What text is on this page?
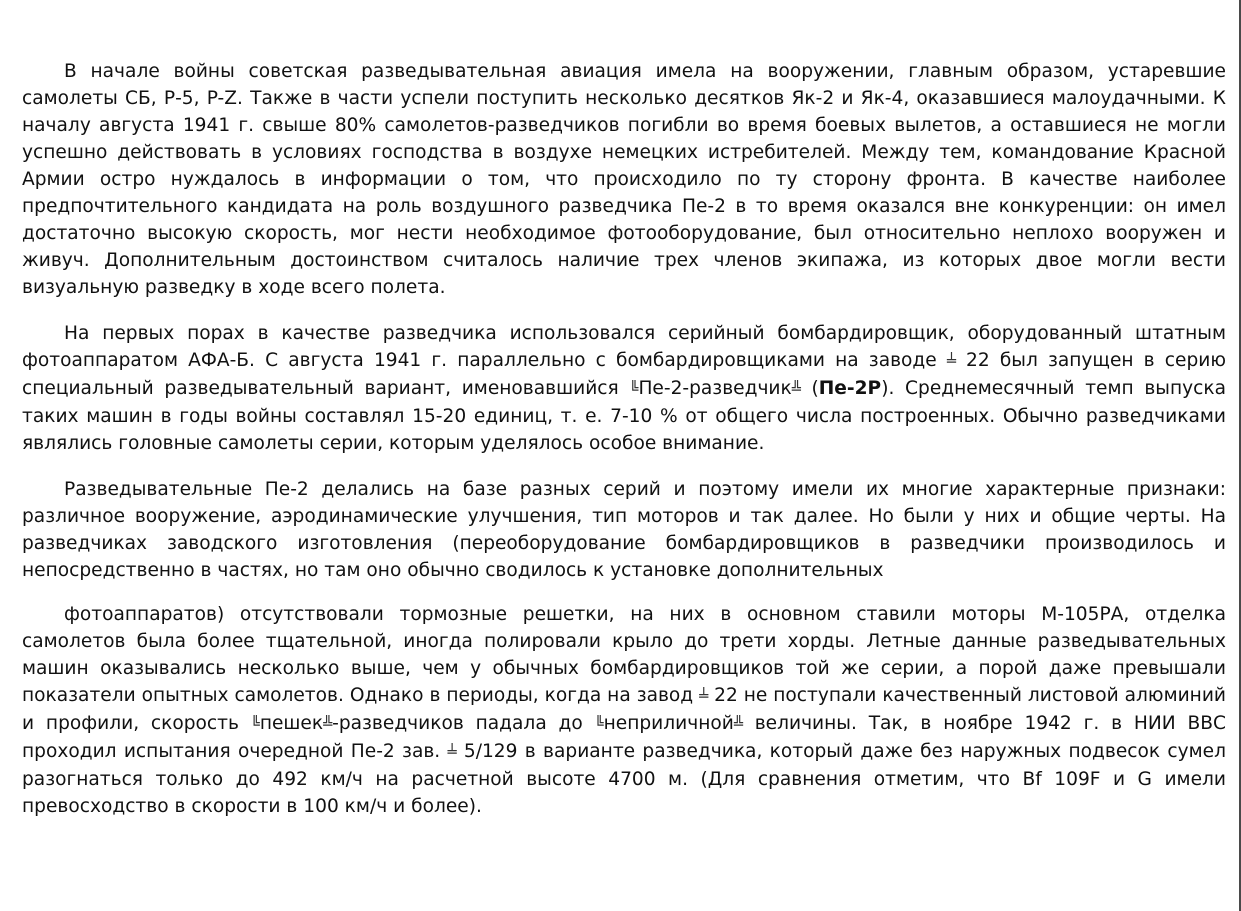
В начале войны советская разведывательная авиация имела на вооружении, главным образом, устаревшие самолеты СБ, Р-5, P-Z. Также в части успели поступить несколько десятков Як-2 и Як-4, оказавшиеся малоудачными. К началу августа 1941 г. свыше 80% самолетов-разведчиков погибли во время боевых вылетов, а оставшиеся не могли успешно действовать в условиях господства в воздухе немецких истребителей. Между тем, командование Красной Армии остро нуждалось в информации о том, что происходило по ту сторону фронта. В качестве наиболее предпочтительного кандидата на роль воздушного разведчика Пе-2 в то время оказался вне конкуренции: он имел достаточно высокую скорость, мог нести необходимое фотооборудование, был относительно неплохо вооружен и живуч. Дополнительным достоинством считалось наличие трех членов экипажа, из которых двое могли вести визуальную разведку в ходе всего полета.

На первых порах в качестве разведчика использовался серийный бомбардировщик, оборудованный штатным фотоаппаратом АФА-Б. С августа 1941 г. параллельно с бомбардировщиками на заводе ╧ 22 был запущен в серию специальный разведывательный вариант, именовавшийся ╚Пе-2-разведчик╩ (Пе-2Р). Среднемесячный темп выпуска таких машин в годы войны составлял 15-20 единиц, т. е. 7-10 % от общего числа построенных. Обычно разведчиками являлись головные самолеты серии, которым уделялось особое внимание.

Разведывательные Пе-2 делались на базе разных серий и поэтому имели их многие характерные признаки: различное вооружение, аэродинамические улучшения, тип моторов и так далее. Но были у них и общие черты. На разведчиках заводского изготовления (переоборудование бомбардировщиков в разведчики производилось и непосредственно в частях, но там оно обычно сводилось к установке дополнительных

фотоаппаратов) отсутствовали тормозные решетки, на них в основном ставили моторы М-105РА, отделка самолетов была более тщательной, иногда полировали крыло до трети хорды. Летные данные разведывательных машин оказывались несколько выше, чем у обычных бомбардировщиков той же серии, а порой даже превышали показатели опытных самолетов. Однако в периоды, когда на завод ╧ 22 не поступали качественный листовой алюминий и профили, скорость ╚пешек╩-разведчиков падала до ╚неприличной╩ величины. Так, в ноябре 1942 г. в НИИ ВВС проходил испытания очередной Пе-2 зав. ╧ 5/129 в варианте разведчика, который даже без наружных подвесок сумел разогнаться только до 492 км/ч на расчетной высоте 4700 м. (Для сравнения отметим, что Bf 109F и G имели превосходство в скорости в 100 км/ч и более).
